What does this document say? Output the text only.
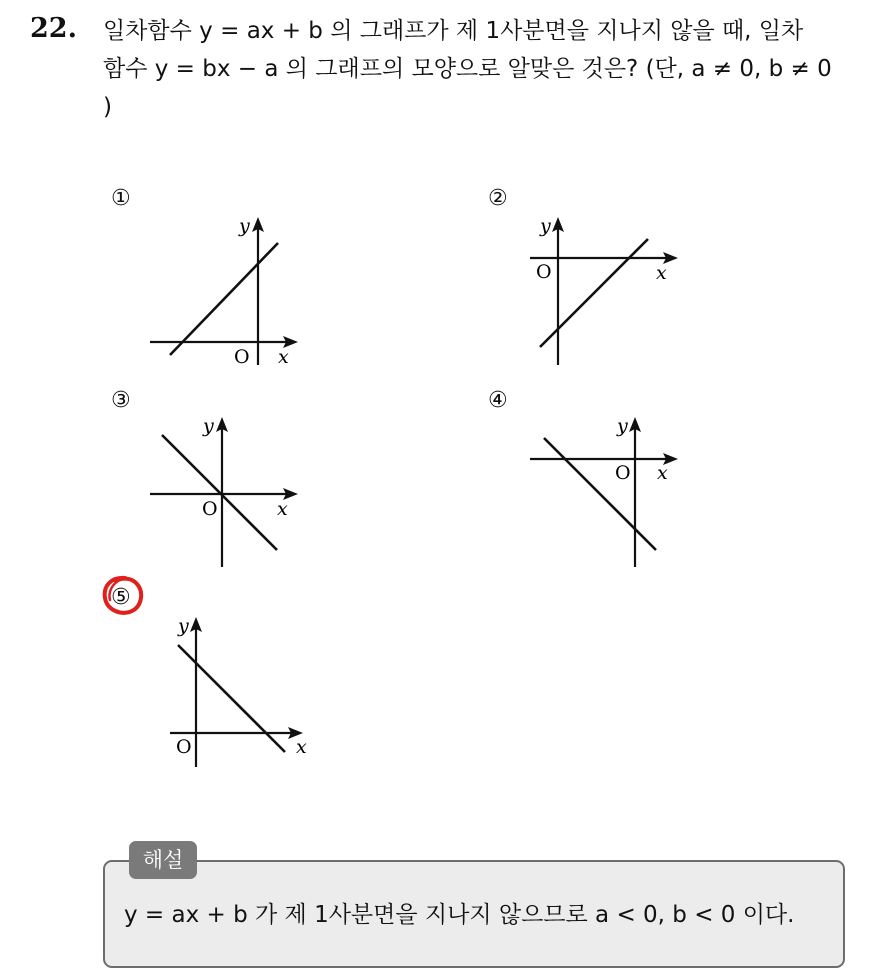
22. 일차함수 y = ax + b 의 그래프가 제 1사분면을 지나지 않을 때, 일차
함수 y = bx − a 의 그래프의 모양으로 알맞은 것은? (단, a ≠ 0, b ≠ 0
)
①
O x
y
②
O	x
y
③
O	x
y
④
O x
y
⑤
O	x
y
해설
y = ax + b 가 제 1사분면을 지나지 않으므로 a < 0, b < 0 이다.
